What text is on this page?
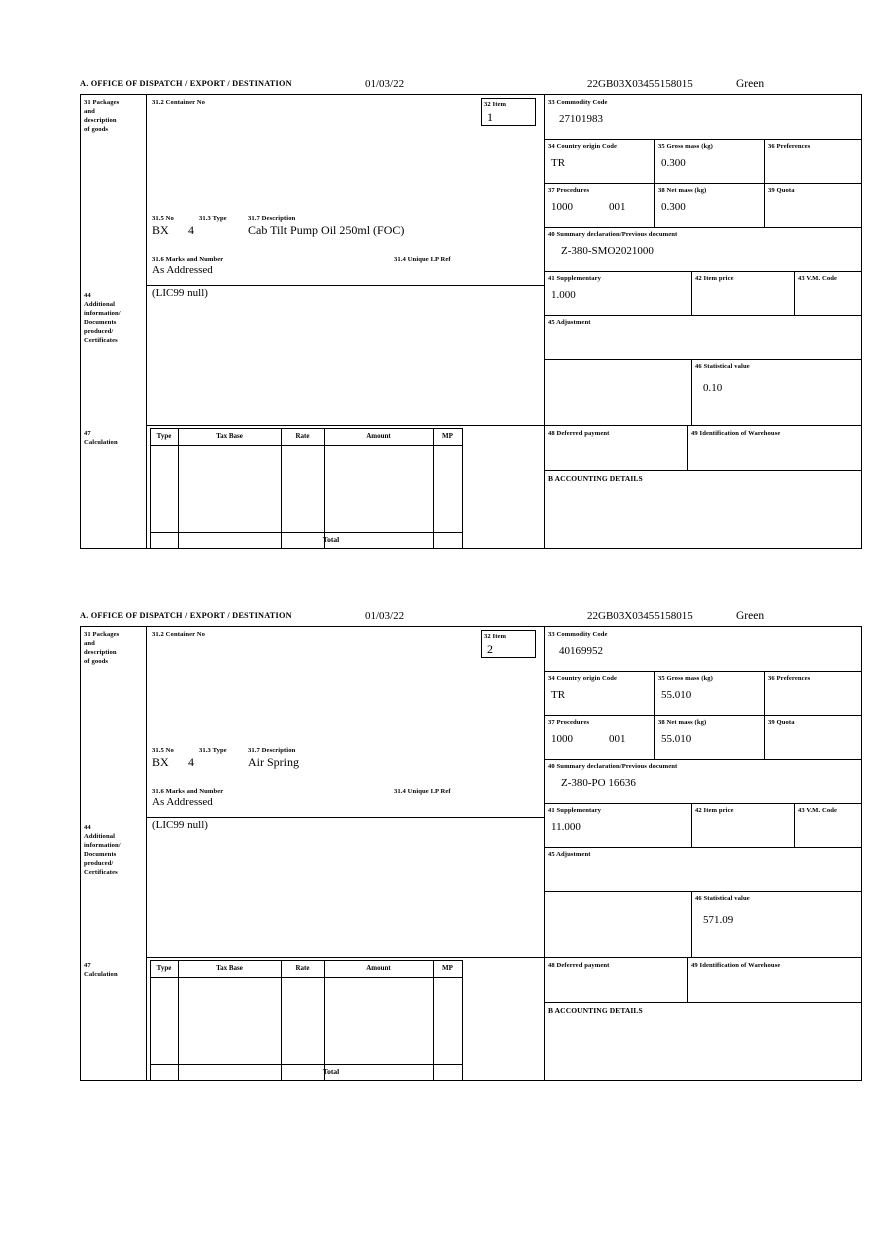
A. OFFICE OF DISPATCH / EXPORT / DESTINATION	01/03/22	22GB03X03455158015	Green
31 Packages
and
description
of goods
44
Additional
information/
Documents
produced/
Certificates
47
Calculation
31.2 Container No
31.5 No	31.3 Type	31.7 Description
BX 4	Cab Tilt Pump Oil 250ml (FOC)
31.6 Marks and Number	31.4 Unique I.P Ref
As Addressed
(LIC99 null)
32 Item
1
33 Commodity Code
27101983
34 Country origin Code
TR
35 Gross mass (kg)
0.300
36 Preferences
37 Procedures
1000	001
38 Net mass (kg)
0.300
39 Quota
40 Summary declaration/Previous document
Z-380-SMO2021000
41 Supplementary
1.000
42 Item price	43 V.M. Code
45 Adjustment
46 Statistical value
0.10
48 Deferred payment	49 Identification of Warehouse
B ACCOUNTING DETAILS
Type	Tax Base	Rate	Amount	MP
Total
A. OFFICE OF DISPATCH / EXPORT / DESTINATION	01/03/22	22GB03X03455158015	Green
31 Packages
and
description
of goods
44
Additional
information/
Documents
produced/
Certificates
47
Calculation
31.2 Container No
31.5 No	31.3 Type	31.7 Description
BX 4	Air Spring
31.6 Marks and Number	31.4 Unique I.P Ref
As Addressed
(LIC99 null)
32 Item
2
33 Commodity Code
40169952
34 Country origin Code
TR
35 Gross mass (kg)
55.010
36 Preferences
37 Procedures
1000	001
38 Net mass (kg)
55.010
39 Quota
40 Summary declaration/Previous document
Z-380-PO 16636
41 Supplementary
11.000
42 Item price	43 V.M. Code
45 Adjustment
46 Statistical value
571.09
48 Deferred payment	49 Identification of Warehouse
B ACCOUNTING DETAILS
Type	Tax Base	Rate	Amount	MP
Total
